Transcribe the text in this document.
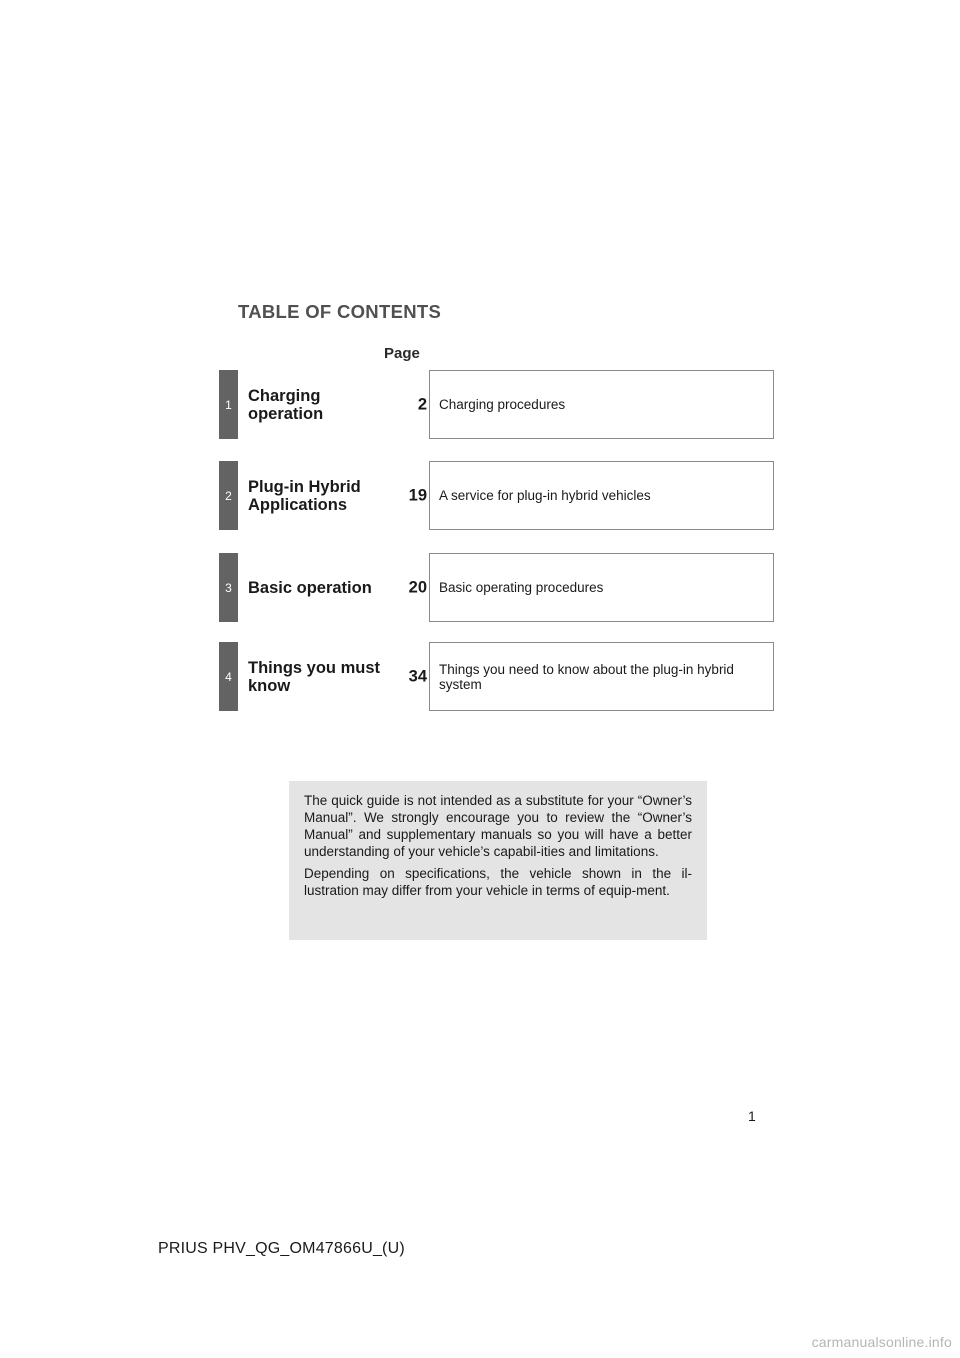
TABLE OF CONTENTS
Page
1 Charging operation
2 Charging procedures
2 Plug-in Hybrid Applications
19 A service for plug-in hybrid vehicles
3 Basic operation	20 Basic operating procedures
4 Things you must know
34 Things you need to know about the plug-in hybrid system

The quick guide is not intended as a substitute for your “Owner’s Manual”. We strongly encourage you to review the “Owner’s Manual” and supplementary manuals so you will have a better understanding of your vehicle’s capabil-ities and limitations.

Depending on specifications, the vehicle shown in the il-lustration may differ from your vehicle in terms of equip-ment.

1
PRIUS PHV_QG_OM47866U_(U)
carmanualsonline.info
